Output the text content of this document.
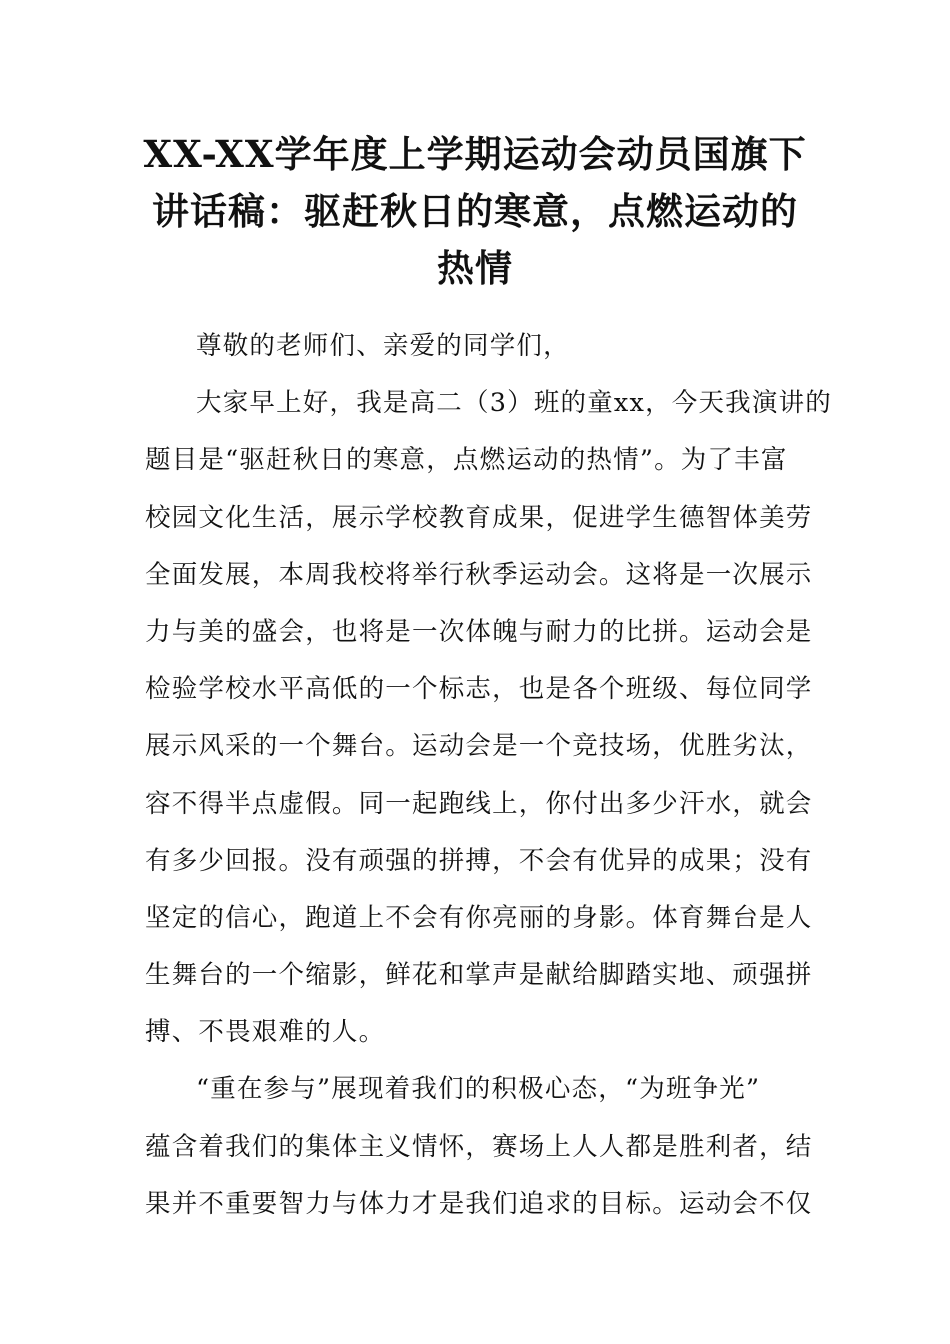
XX-XX学年度上学期运动会动员国旗下
讲话稿：驱赶秋日的寒意，点燃运动的
热情
尊敬的老师们、亲爱的同学们，
大家早上好，我是高二（3）班的童xx，今天我演讲的
题目是“驱赶秋日的寒意，点燃运动的热情”。为了丰富
校园文化生活，展示学校教育成果，促进学生德智体美劳
全面发展，本周我校将举行秋季运动会。这将是一次展示
力与美的盛会，也将是一次体魄与耐力的比拼。运动会是
检验学校水平高低的一个标志，也是各个班级、每位同学
展示风采的一个舞台。运动会是一个竞技场，优胜劣汰，
容不得半点虚假。同一起跑线上，你付出多少汗水，就会
有多少回报。没有顽强的拼搏，不会有优异的成果；没有
坚定的信心，跑道上不会有你亮丽的身影。体育舞台是人
生舞台的一个缩影，鲜花和掌声是献给脚踏实地、顽强拼
搏、不畏艰难的人。
“重在参与”展现着我们的积极心态，“为班争光”
蕴含着我们的集体主义情怀，赛场上人人都是胜利者，结
果并不重要智力与体力才是我们追求的目标。运动会不仅
